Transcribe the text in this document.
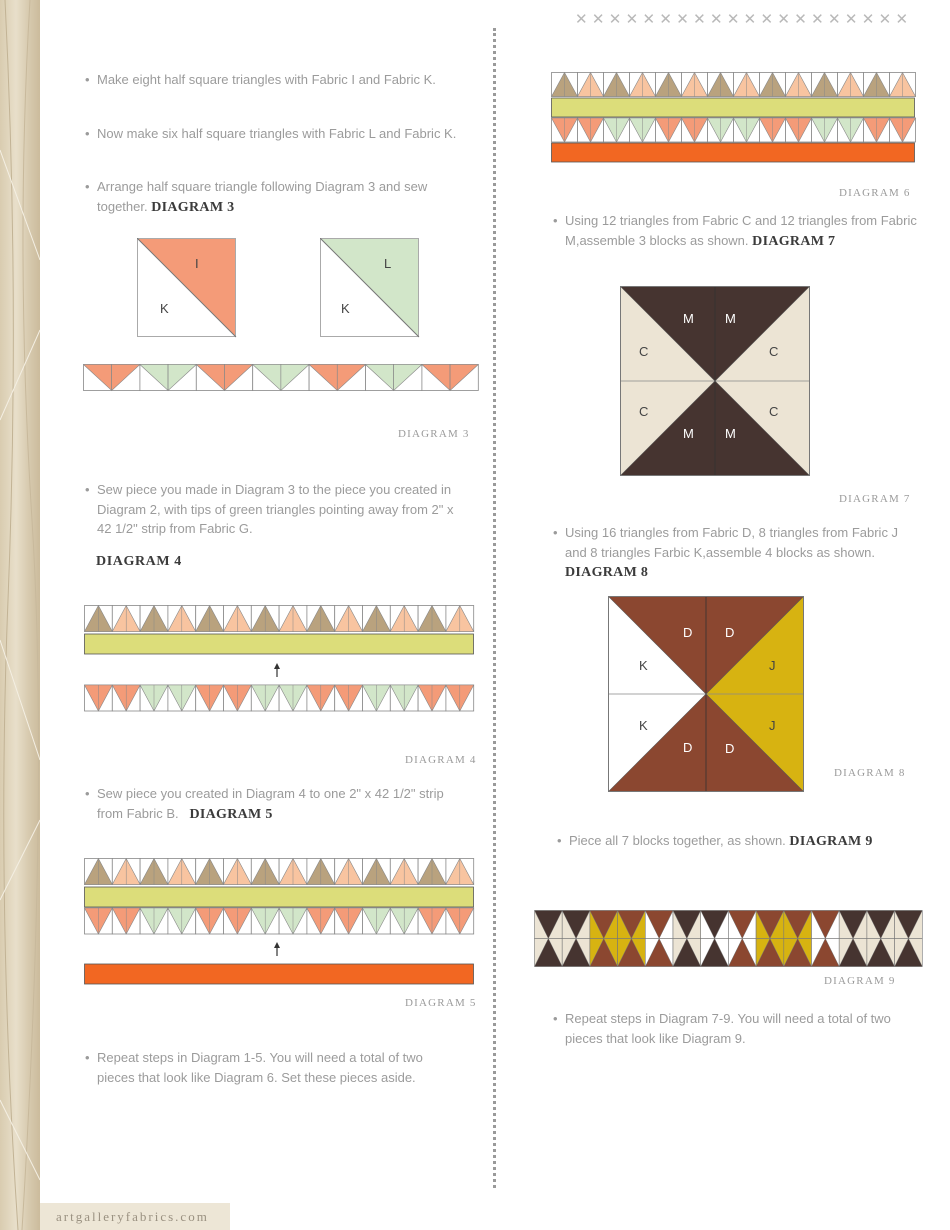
artgalleryfabrics.com
✕✕✕✕✕✕✕✕✕✕✕✕✕✕✕✕✕✕✕✕
• Make eight half square triangles with Fabric I and Fabric K.
• Now make six half square triangles with Fabric L and Fabric K.
• Arrange half square triangle following Diagram 3 and sew together. DIAGRAM 3
I
K
L
K
DIAGRAM 3
• Sew piece you made in Diagram 3 to the piece you created in Diagram 2, with tips of green triangles pointing away from 2" x 42 1/2" strip from Fabric G.
DIAGRAM 4
DIAGRAM 4
• Sew piece you created in Diagram 4 to one 2" x 42 1/2" strip from Fabric B. DIAGRAM 5
DIAGRAM 5
• Repeat steps in Diagram 1-5. You will need a total of two pieces that look like Diagram 6. Set these pieces aside.
DIAGRAM 6
• Using 12 triangles from Fabric C and 12 triangles from Fabric M,assemble 3 blocks as shown. DIAGRAM 7
M M
C	C
C	C
M M
DIAGRAM 7
• Using 16 triangles from Fabric D, 8 triangles from Fabric J and 8 triangles Farbic K,assemble 4 blocks as shown. DIAGRAM 8
D	D
K	J
K	J
D	D
DIAGRAM 8
• Piece all 7 blocks together, as shown. DIAGRAM 9
DIAGRAM 9
• Repeat steps in Diagram 7-9. You will need a total of two pieces that look like Diagram 9.
